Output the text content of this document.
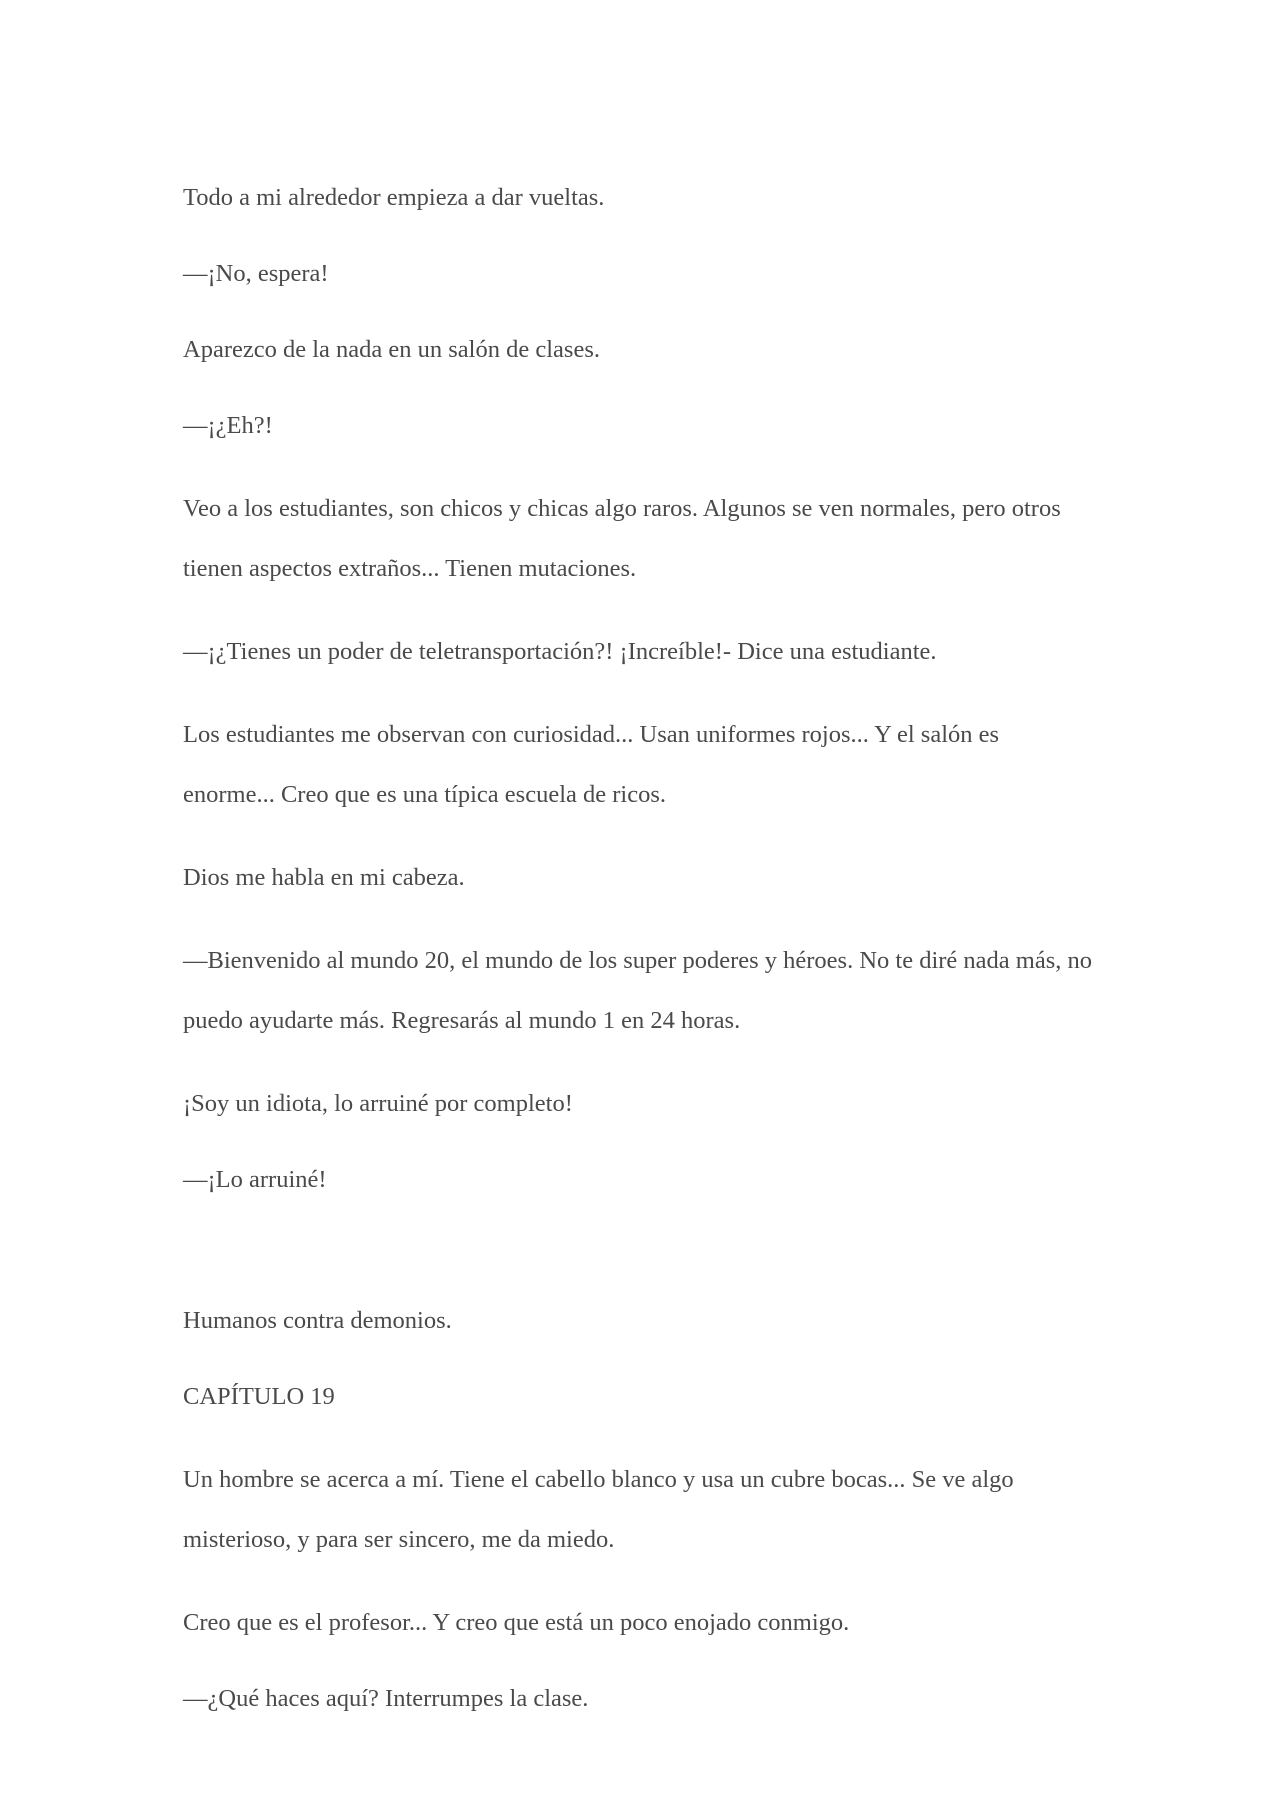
Todo a mi alrededor empieza a dar vueltas.

—¡No, espera!

Aparezco de la nada en un salón de clases.

—¡¿Eh?!

Veo a los estudiantes, son chicos y chicas algo raros. Algunos se ven normales, pero otros tienen aspectos extraños... Tienen mutaciones.

—¡¿Tienes un poder de teletransportación?! ¡Increíble!- Dice una estudiante.

Los estudiantes me observan con curiosidad... Usan uniformes rojos... Y el salón es enorme... Creo que es una típica escuela de ricos.

Dios me habla en mi cabeza.

—Bienvenido al mundo 20, el mundo de los super poderes y héroes. No te diré nada más, no puedo ayudarte más. Regresarás al mundo 1 en 24 horas.

¡Soy un idiota, lo arruiné por completo!

—¡Lo arruiné!

Humanos contra demonios.

CAPÍTULO 19

Un hombre se acerca a mí. Tiene el cabello blanco y usa un cubre bocas... Se ve algo misterioso, y para ser sincero, me da miedo.

Creo que es el profesor... Y creo que está un poco enojado conmigo.

—¿Qué haces aquí? Interrumpes la clase.
